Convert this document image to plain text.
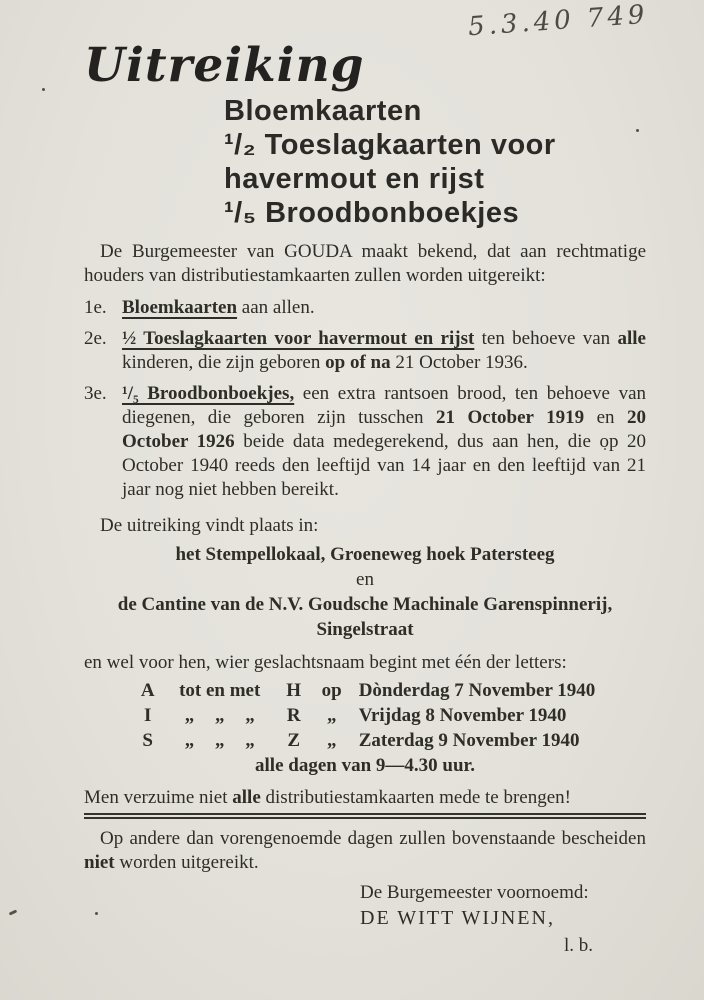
5.3.40 749
Uitreiking
Bloemkaarten
¹/₂ Toeslagkaarten voor
havermout en rijst
¹/₅ Broodbonboekjes

De Burgemeester van GOUDA maakt bekend, dat aan rechtmatige houders van distributiestamkaarten zullen worden uitgereikt:

1e. Bloemkaarten aan allen.
2e. ½ Toeslagkaarten voor havermout en rijst ten behoeve van alle kinderen, die zijn geboren op of na 21 October 1936.
3e. ¹/₅ Broodbonboekjes, een extra rantsoen brood, ten behoeve van diegenen, die geboren zijn tusschen 21 October 1919 en 20 October 1926 beide data medegerekend, dus aan hen, die op 20 October 1940 reeds den leeftijd van 14 jaar en den leeftijd van 21 jaar nog niet hebben bereikt.

De uitreiking vindt plaats in:

het Stempellokaal, Groeneweg hoek Patersteeg
en
de Cantine van de N.V. Goudsche Machinale Garenspinnerij,
Singelstraat

en wel voor hen, wier geslachtsnaam begint met één der letters:

A	tot en met	H	op Dònderdag 7 November 1940
I	„ „ „	R	„	Vrijdag 8 November 1940
S	„ „ „	Z	„	Zaterdag 9 November 1940
alle dagen van 9—4.30 uur.

Men verzuime niet alle distributiestamkaarten mede te brengen!

Op andere dan vorengenoemde dagen zullen bovenstaande bescheiden niet worden uitgereikt.

De Burgemeester voornoemd:
DE WITT WIJNEN,
l. b.
